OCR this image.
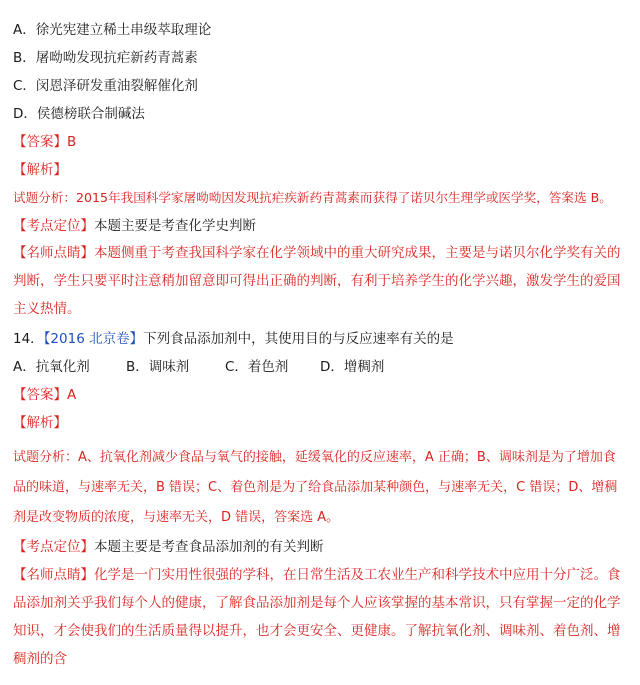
A．徐光宪建立稀土串级萃取理论
B．屠呦呦发现抗疟新药青蒿素
C．闵恩泽研发重油裂解催化剂
D．侯德榜联合制碱法
【答案】B
【解析】
试题分析：2015年我国科学家屠呦呦因发现抗疟疾新药青蒿素而获得了诺贝尔生理学或医学奖，答案选 B。
【考点定位】本题主要是考查化学史判断
【名师点睛】本题侧重于考查我国科学家在化学领域中的重大研究成果，主要是与诺贝尔化学奖有关的判断，学生只要平时注意稍加留意即可得出正确的判断，有利于培养学生的化学兴趣，激发学生的爱国主义热情。
14．【2016 北京卷】下列食品添加剂中，其使用目的与反应速率有关的是
A．抗氧化剂	B．调味剂	C．着色剂 D．增稠剂
【答案】A
【解析】
试题分析：A、抗氧化剂减少食品与氧气的接触，延缓氧化的反应速率，A 正确；B、调味剂是为了增加食品的味道，与速率无关，B 错误；C、着色剂是为了给食品添加某种颜色，与速率无关，C 错误；D、增稠剂是改变物质的浓度，与速率无关，D 错误，答案选 A。
【考点定位】本题主要是考查食品添加剂的有关判断
【名师点睛】化学是一门实用性很强的学科，在日常生活及工农业生产和科学技术中应用十分广泛。食品添加剂关乎我们每个人的健康，了解食品添加剂是每个人应该掌握的基本常识，只有掌握一定的化学知识，才会使我们的生活质量得以提升，也才会更安全、更健康。了解抗氧化剂、调味剂、着色剂、增稠剂的含
